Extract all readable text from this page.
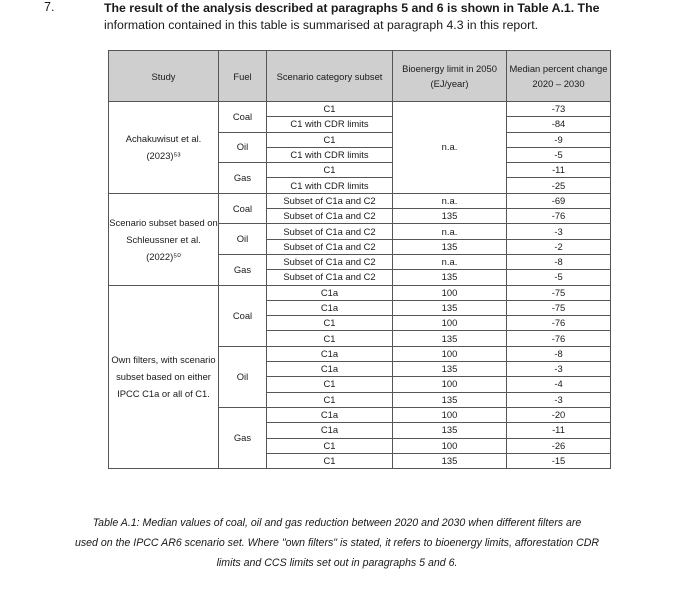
7.	The result of the analysis described at paragraphs 5 and 6 is shown in Table A.1. The
information contained in this table is summarised at paragraph 4.3 in this report.
Study	Fuel	Scenario category subset	Bioenergy limit in 2050 (EJ/year)	Median percent change 2020 – 2030
Achakuwisut et al. (2023)⁵³	Coal	C1	n.a.	-73
		C1 with CDR limits		-84
	Oil	C1		-9
		C1 with CDR limits		-5
	Gas	C1		-11
		C1 with CDR limits		-25
Scenario subset based on Schleussner et al. (2022)⁵⁰	Coal	Subset of C1a and C2	n.a.	-69
		Subset of C1a and C2	135	-76
	Oil	Subset of C1a and C2	n.a.	-3
		Subset of C1a and C2	135	-2
	Gas	Subset of C1a and C2	n.a.	-8
		Subset of C1a and C2	135	-5
Own filters, with scenario subset based on either IPCC C1a or all of C1.	Coal	C1a	100	-75
		C1a	135	-75
		C1	100	-76
		C1	135	-76
	Oil	C1a	100	-8
		C1a	135	-3
		C1	100	-4
		C1	135	-3
	Gas	C1a	100	-20
		C1a	135	-11
		C1	100	-26
		C1	135	-15
Table A.1: Median values of coal, oil and gas reduction between 2020 and 2030 when different filters are
used on the IPCC AR6 scenario set. Where "own filters" is stated, it refers to bioenergy limits, afforestation CDR
limits and CCS limits set out in paragraphs 5 and 6.
